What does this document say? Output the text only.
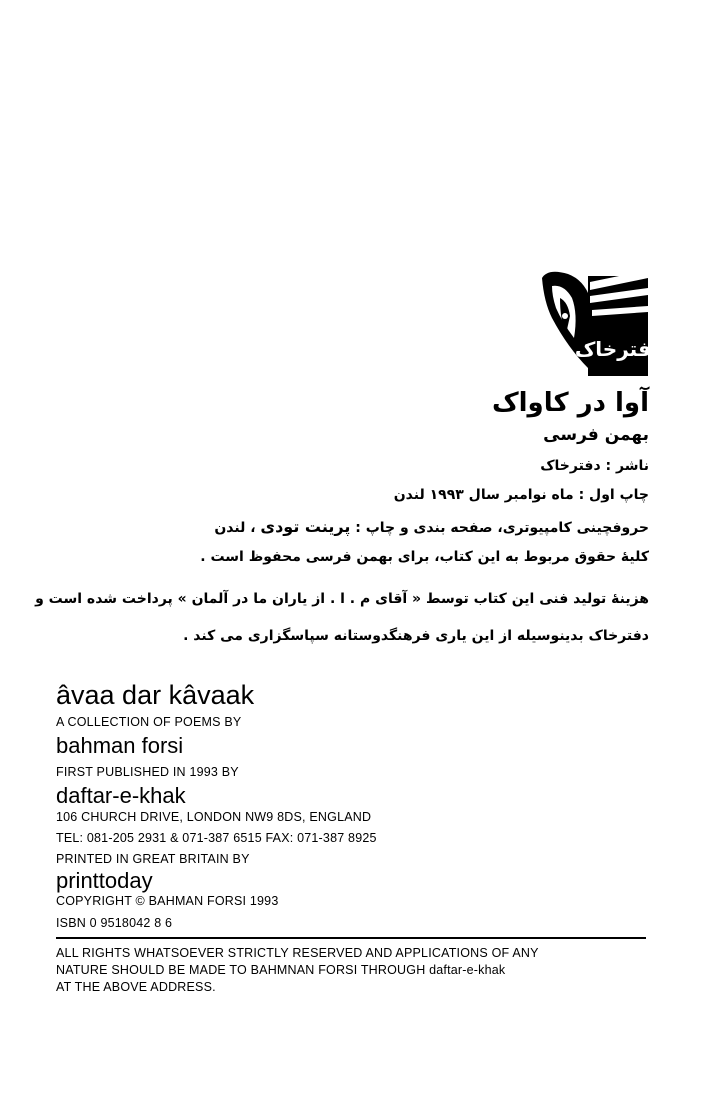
دفترخاک
آوا در کاواک
بهمن فرسی
ناشر : دفترخاک
چاپ اول : ماه نوامبر سال ۱۹۹۳ لندن
حروفچینی کامپیوتری، صفحه بندی و چاپ : پرینت تودی ، لندن
کلیهٔ حقوق مربوط به این کتاب، برای بهمن فرسی محفوظ است .
هزینهٔ تولید فنی این کتاب توسط « آقای م . ا . از یاران ما در آلمان » پرداخت شده است و
دفترخاک بدینوسیله از این یاری فرهنگدوستانه سپاسگزاری می کند .
âvaa dar kâvaak
A COLLECTION OF POEMS BY
bahman forsi
FIRST PUBLISHED IN 1993 BY
daftar-e-khak
106 CHURCH DRIVE, LONDON NW9 8DS, ENGLAND
TEL: 081-205 2931 & 071-387 6515 FAX: 071-387 8925
PRINTED IN GREAT BRITAIN BY
printtoday
COPYRIGHT © BAHMAN FORSI 1993
ISBN 0 9518042 8 6
ALL RIGHTS WHATSOEVER STRICTLY RESERVED AND APPLICATIONS OF ANY
NATURE SHOULD BE MADE TO BAHMNAN FORSI THROUGH daftar-e-khak
AT THE ABOVE ADDRESS.
